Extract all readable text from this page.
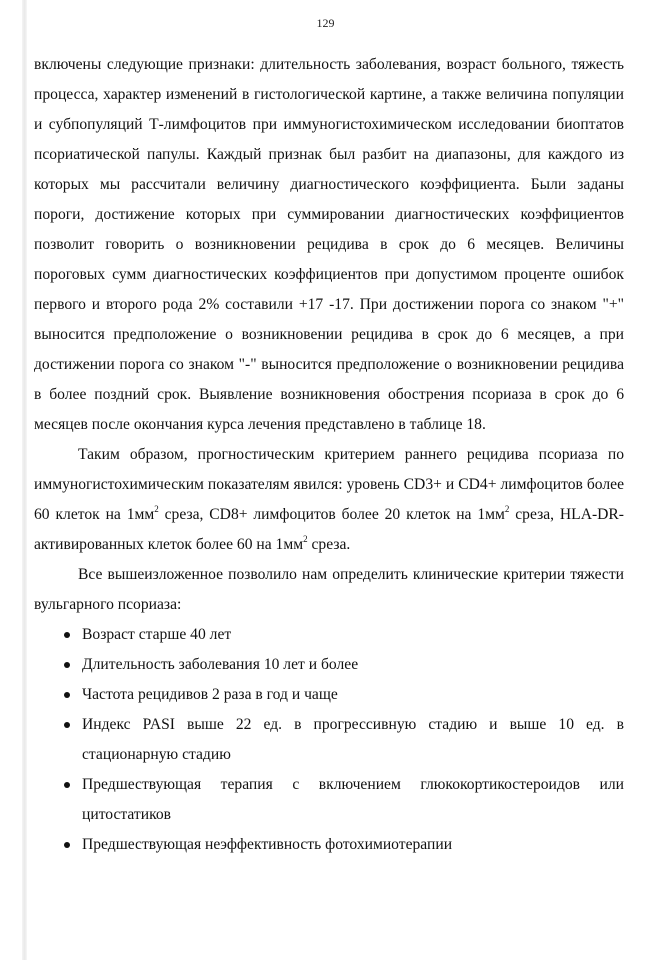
129

включены следующие признаки: длительность заболевания, возраст больного, тяжесть процесса, характер изменений в гистологической картине, а также величина популяции и субпопуляций Т-лимфоцитов при иммуногистохимическом исследовании биоптатов псориатической папулы. Каждый признак был разбит на диапазоны, для каждого из которых мы рассчитали величину диагностического коэффициента. Были заданы пороги, достижение которых при суммировании диагностических коэффициентов позволит говорить о возникновении рецидива в срок до 6 месяцев. Величины пороговых сумм диагностических коэффициентов при допустимом проценте ошибок первого и второго рода 2% составили +17 -17. При достижении порога со знаком "+" выносится предположение о возникновении рецидива в срок до 6 месяцев, а при достижении порога со знаком "-" выносится предположение о возникновении рецидива в более поздний срок. Выявление возникновения обострения псориаза в срок до 6 месяцев после окончания курса лечения представлено в таблице 18.

Таким образом, прогностическим критерием раннего рецидива псориаза по иммуногистохимическим показателям явился: уровень CD3+ и CD4+ лимфоцитов более 60 клеток на $1мм^2$ среза, CD8+ лимфоцитов более 20 клеток на $1мм^2$ среза, HLA-DR-активированных клеток более 60 на $1мм^2$ среза.

Все вышеизложенное позволило нам определить клинические критерии тяжести вульгарного псориаза:

Возраст старше 40 лет
Длительность заболевания 10 лет и более
Частота рецидивов 2 раза в год и чаще
Индекс PASI выше 22 ед. в прогрессивную стадию и выше 10 ед. в стационарную стадию
Предшествующая терапия с включением глюкокортикостероидов или цитостатиков
Предшествующая неэффективность фотохимиотерапии
